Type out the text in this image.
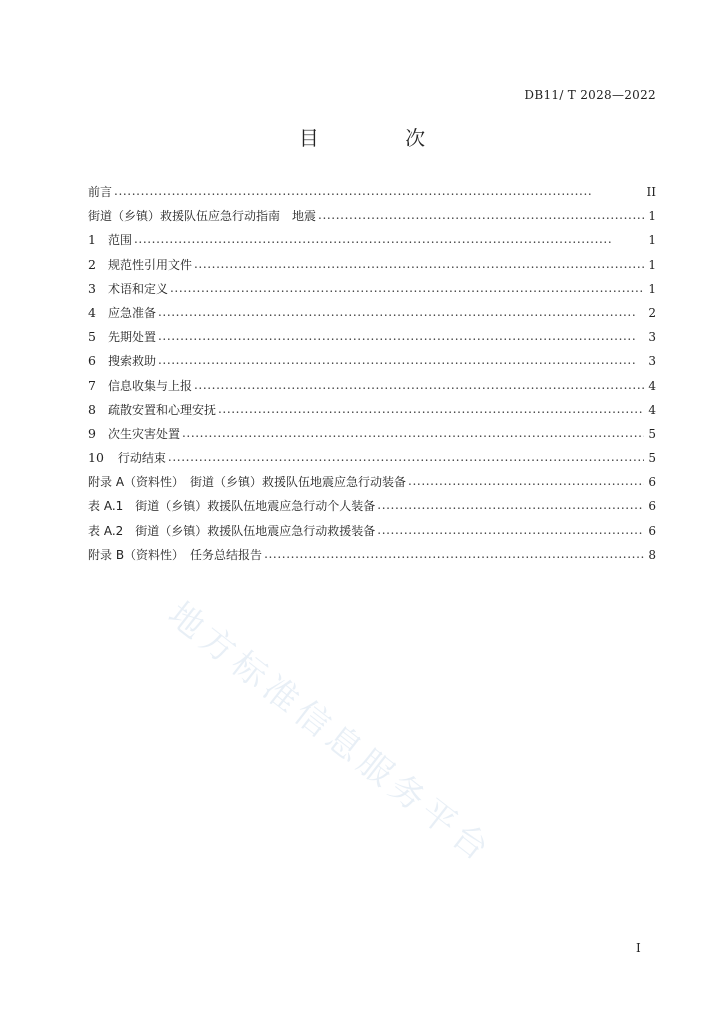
DB11/ T 2028—2022
目 次
前言 . . .	II
街道（乡镇）救援队伍应急行动指南　地震 . . .	1
1 范围 . . .	1
2 规范性引用文件 . . .	1
3 术语和定义 . . .	1
4 应急准备 . . .	2
5 先期处置 . . .	3
6 搜索救助 . . .	3
7 信息收集与上报 . . .	4
8 疏散安置和心理安抚 . . .	4
9 次生灾害处置 . . .	5
10 行动结束 . . .	5
附录 A（资料性）　街道（乡镇）救援队伍地震应急行动装备 . . .	6
表 A.1　街道（乡镇）救援队伍地震应急行动个人装备 . . .	6
表 A.2　街道（乡镇）救援队伍地震应急行动救援装备 . . .	6
附录 B（资料性）　任务总结报告 . . .	8
地方标准信息服务平台
I
